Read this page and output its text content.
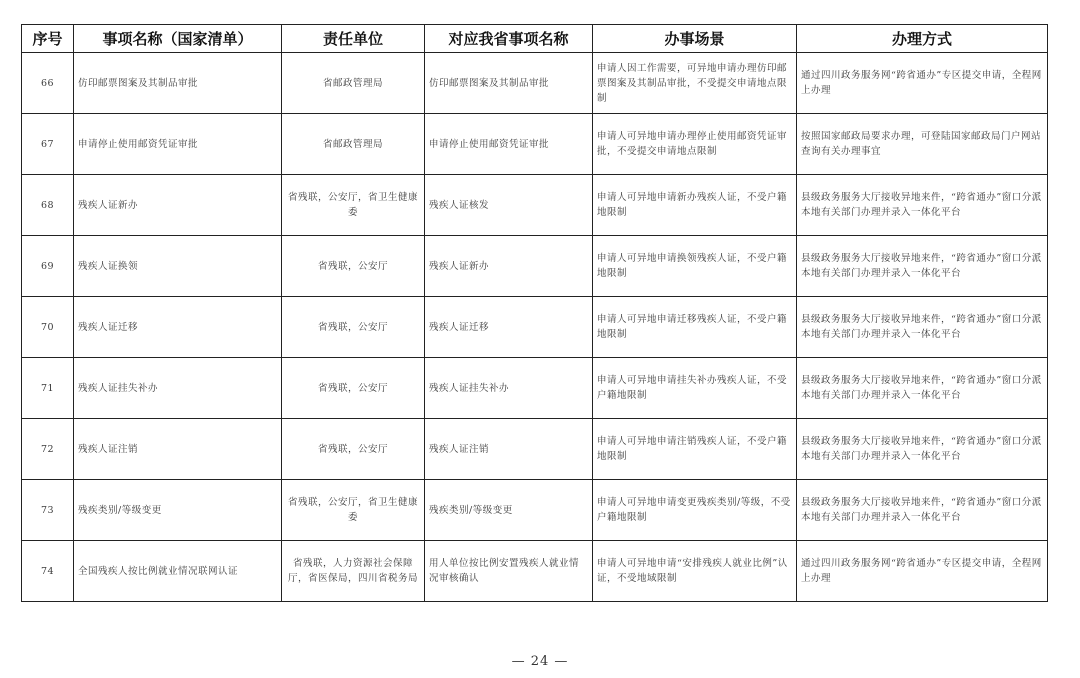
序号	事项名称（国家清单）	责任单位	对应我省事项名称	办事场景	办理方式
66	仿印邮票图案及其制品审批	省邮政管理局	仿印邮票图案及其制品审批	申请人因工作需要，可异地申请办理仿印邮票图案及其制品审批，不受提交申请地点限制	通过四川政务服务网“跨省通办”专区提交申请，全程网上办理
67	申请停止使用邮资凭证审批	省邮政管理局	申请停止使用邮资凭证审批	申请人可异地申请办理停止使用邮资凭证审批，不受提交申请地点限制	按照国家邮政局要求办理，可登陆国家邮政局门户网站查询有关办理事宜
68	残疾人证新办	省残联，公安厅，省卫生健康委	残疾人证核发	申请人可异地申请新办残疾人证，不受户籍地限制	县级政务服务大厅接收异地来件，“跨省通办”窗口分派本地有关部门办理并录入一体化平台
69	残疾人证换领	省残联，公安厅	残疾人证新办	申请人可异地申请换领残疾人证，不受户籍地限制	县级政务服务大厅接收异地来件，“跨省通办”窗口分派本地有关部门办理并录入一体化平台
70	残疾人证迁移	省残联，公安厅	残疾人证迁移	申请人可异地申请迁移残疾人证，不受户籍地限制	县级政务服务大厅接收异地来件，“跨省通办”窗口分派本地有关部门办理并录入一体化平台
71	残疾人证挂失补办	省残联，公安厅	残疾人证挂失补办	申请人可异地申请挂失补办残疾人证，不受户籍地限制	县级政务服务大厅接收异地来件，“跨省通办”窗口分派本地有关部门办理并录入一体化平台
72	残疾人证注销	省残联，公安厅	残疾人证注销	申请人可异地申请注销残疾人证，不受户籍地限制	县级政务服务大厅接收异地来件，“跨省通办”窗口分派本地有关部门办理并录入一体化平台
73	残疾类别/等级变更	省残联，公安厅，省卫生健康委	残疾类别/等级变更	申请人可异地申请变更残疾类别/等级，不受户籍地限制	县级政务服务大厅接收异地来件，“跨省通办”窗口分派本地有关部门办理并录入一体化平台
74	全国残疾人按比例就业情况联网认证	省残联，人力资源社会保障厅，省医保局，四川省税务局	用人单位按比例安置残疾人就业情况审核确认	申请人可异地申请“安排残疾人就业比例”认证，不受地域限制	通过四川政务服务网“跨省通办”专区提交申请，全程网上办理
— 24 —
